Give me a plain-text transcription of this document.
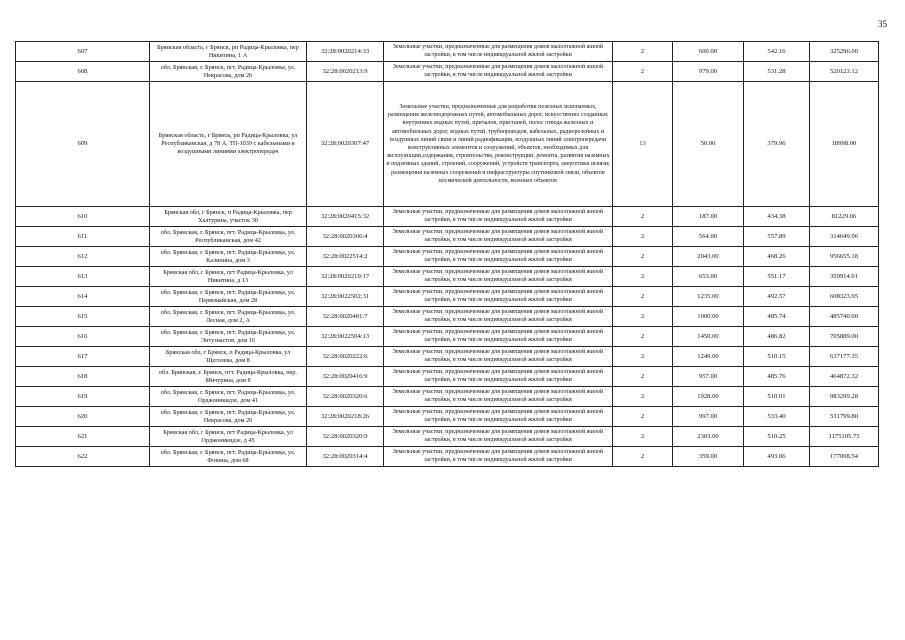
35
607	Брянская область, г Брянск, рп Радица-Крыловка, пер Никитина, 1 А	32:28:0020214:33	Земельные участки, предназначенные для размещения домов малоэтажной жилой застройки, в том числе индивидуальной жилой застройки	2	600.00	542.16	325296.00
608	обл. Брянская, г. Брянск, пгт. Радица-Крыловка, ул. Некрасова, дом 26	32:28:0020213:9	Земельные участки, предназначенные для размещения домов малоэтажной жилой застройки, в том числе индивидуальной жилой застройки	2	979.00	531.28	520123.12
609	Брянская область, г Брянск, рп Радица-Крыловка, ул Республиканская, д 78 А, ТП-1039 с кабельными и воздушными линиями электропередач	32:28:0020307:47	Земельные участки, предназначенные для разработки полезных ископаемых, размещения железнодорожных путей, автомобильных дорог, искусственно созданных внутренних водных путей, причалов, пристаней, полос отвода железных и автомобильных дорог, водных путей, трубопроводов, кабельных, радиорелейных и воздушных линий связи и линий радиофикации, воздушных линий электропередачи конструктивных элементов и сооружений, объектов, необходимых для эксплуатации,содержания, строительства, реконструкции, ремонта, развития наземных и подземных зданий, строений, сооружений, устройств транспорта, энергетики исвязи; размещения наземных сооружений и инфраструктуры спутниковой связи, объектов космической деятельности, военных объектов	13	50.00	379.96	18998.00
610	Брянская обл, г Брянск, п Радица-Крыловка, пер Халтурина, участок 30	32:28:0020415:32	Земельные участки, предназначенные для размещения домов малоэтажной жилой застройки, в том числе индивидуальной жилой застройки	2	187.00	434.38	81229.06
611	обл. Брянская, г. Брянск, пгт. Радица-Крыловка, ул. Республиканская, дом 42	32:28:0020306:4	Земельные участки, предназначенные для размещения домов малоэтажной жилой застройки, в том числе индивидуальной жилой застройки	2	564.00	557.89	314649.96
612	обл. Брянская, г. Брянск, пгт. Радица-Крыловка, ул. Калинина, дом 3	32:28:0022514:2	Земельные участки, предназначенные для размещения домов малоэтажной жилой застройки, в том числе индивидуальной жилой застройки	2	2043.00	468.26	956655.18
613	Брянская обл, г Брянск, пгт Радица-Крыловка, ул Никитина, д 13	32:28:0020219:17	Земельные участки, предназначенные для размещения домов малоэтажной жилой застройки, в том числе индивидуальной жилой застройки	2	653.00	551.17	359914.01
614	обл. Брянская, г. Брянск, пгт. Радица-Крыловка, ул. Первомайская, дом 28	32:28:0022502:31	Земельные участки, предназначенные для размещения домов малоэтажной жилой застройки, в том числе индивидуальной жилой застройки	2	1235.00	492.57	608323.95
615	обл. Брянская, г. Брянск, пгт. Радица-Крыловка, ул. Лесная, дом 2, А	32:28:0020401:7	Земельные участки, предназначенные для размещения домов малоэтажной жилой застройки, в том числе индивидуальной жилой застройки	2	1000.00	485.74	485740.00
616	обл. Брянская, г. Брянск, пгт. Радица-Крыловка, ул. Энтузиастов, дом 16	32:28:0022504:13	Земельные участки, предназначенные для размещения домов малоэтажной жилой застройки, в том числе индивидуальной жилой застройки	2	1450.00	486.82	705889.00
617	Брянская обл, г Брянск, п Радица-Крыловка, ул Щеголева, дом 8	32:28:0020222:6	Земельные участки, предназначенные для размещения домов малоэтажной жилой застройки, в том числе индивидуальной жилой застройки	2	1249.00	510.15	637177.35
618	обл. Брянская, г. Брянск, пгт. Радица-Крыловка, пер. Мичурина, дом 8	32:28:0020416:9	Земельные участки, предназначенные для размещения домов малоэтажной жилой застройки, в том числе индивидуальной жилой застройки	2	957.00	485.76	464872.32
619	обл. Брянская, г. Брянск, пгт. Радица-Крыловка, ул. Орджоникидзе, дом 41	32:28:0020320:6	Земельные участки, предназначенные для размещения домов малоэтажной жилой застройки, в том числе индивидуальной жилой застройки	2	1928.00	510.01	983299.28
620	обл. Брянская, г. Брянск, пгт. Радица-Крыловка, ул. Некрасова, дом 20	32:28:0020218:26	Земельные участки, предназначенные для размещения домов малоэтажной жилой застройки, в том числе индивидуальной жилой застройки	2	997.00	533.40	531799.80
621	Брянская обл, г Брянск, пгт Радица-Крыловка, ул Орджоникидзе, д 45	32:28:0020320:9	Земельные участки, предназначенные для размещения домов малоэтажной жилой застройки, в том числе индивидуальной жилой застройки	2	2303.00	510.25	1175105.75
622	обл. Брянская, г. Брянск, пгт. Радица-Крыловка, ул. Фокина, дом 68	32:28:0020314:4	Земельные участки, предназначенные для размещения домов малоэтажной жилой застройки, в том числе индивидуальной жилой застройки	2	359.00	493.06	177008.54
